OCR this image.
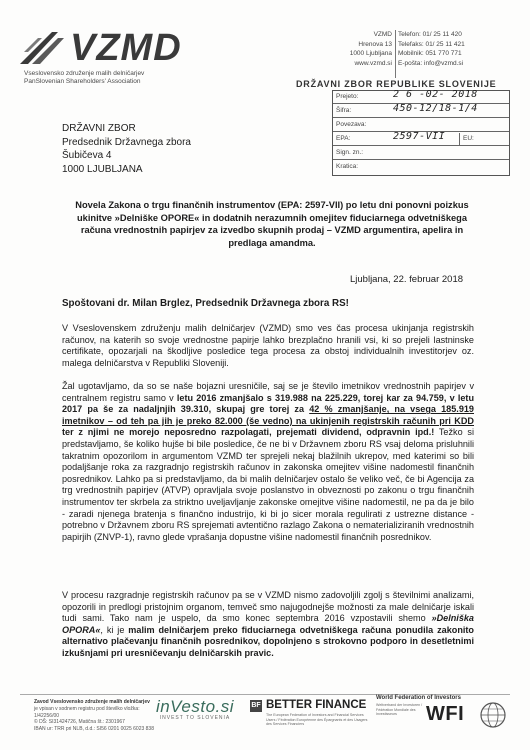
VZMD
Vseslovensko združenje malih delničarjev
PanSlovenian Shareholders' Association
VZMD
Hrenova 13
1000 Ljubljana
www.vzmd.si
Telefon: 01/ 25 11 420
Telefaks: 01/ 25 11 421
Mobilnik: 051 770 771
E-pošta: info@vzmd.si
DRŽAVNI ZBOR REPUBLIKE SLOVENIJE
Prejeto:	2 6 -02- 2018
Šifra:	450-12/18-1/4
Povezava:
EPA:	2597-VII	EU:
Sign. zn.:
Kratica:
DRŽAVNI ZBOR
Predsednik Državnega zbora
Šubičeva 4
1000 LJUBLJANA
Novela Zakona o trgu finančnih instrumentov (EPA: 2597-VII) po letu dni ponovni poizkus ukinitve »Delniške OPORE« in dodatnih nerazumnih omejitev fiduciarnega odvetniškega računa vrednostnih papirjev za izvedbo skupnih prodaj – VZMD argumentira, apelira in predlaga amandma.
Ljubljana, 22. februar 2018
Spoštovani dr. Milan Brglez, Predsednik Državnega zbora RS!
V Vseslovenskem združenju malih delničarjev (VZMD) smo ves čas procesa ukinjanja registrskih računov, na katerih so svoje vrednostne papirje lahko brezplačno hranili vsi, ki so prejeli lastninske certifikate, opozarjali na škodljive posledice tega procesa za obstoj individualnih investitorjev oz. malega delničarstva v Republiki Sloveniji.
Žal ugotavljamo, da so se naše bojazni uresničile, saj se je število imetnikov vrednostnih papirjev v centralnem registru samo v letu 2016 zmanjšalo s 319.988 na 225.229, torej kar za 94.759, v letu 2017 pa še za nadaljnjih 39.310, skupaj gre torej za 42 % zmanjšanje, na vsega 185.919 imetnikov – od teh pa jih je preko 82.000 (še vedno) na ukinjenih registrskih računih pri KDD ter z njimi ne morejo neposredno razpolagati, prejemati dividend, odpravnin ipd.! Težko si predstavljamo, še koliko hujše bi bile posledice, če ne bi v Državnem zboru RS vsaj deloma prisluhnili takratnim opozorilom in argumentom VZMD ter sprejeli nekaj blažilnih ukrepov, med katerimi so bili podaljšanje roka za razgradnjo registrskih računov in zakonska omejitev višine nadomestil finančnih posrednikov. Lahko pa si predstavljamo, da bi malih delničarjev ostalo še veliko več, če bi Agencija za trg vrednostnih papirjev (ATVP) opravljala svoje poslanstvo in obveznosti po zakonu o trgu finančnih instrumentov ter skrbela za striktno uveljavljanje zakonske omejitve višine nadomestil, ne pa da je bilo - zaradi njenega bratenja s finančno industrijo, ki bi jo sicer morala regulirati z ustrezne distance - potrebno v Državnem zboru RS sprejemati avtentično razlago Zakona o nematerializiranih vrednostnih papirjih (ZNVP-1), ravno glede vprašanja dopustne višine nadomestil finančnih posrednikov.
V procesu razgradnje registrskih računov pa se v VZMD nismo zadovoljili zgolj s številnimi analizami, opozorili in predlogi pristojnim organom, temveč smo najugodnejše možnosti za male delničarje iskali tudi sami. Tako nam je uspelo, da smo konec septembra 2016 vzpostavili shemo »Delniška OPORA«, ki je malim delničarjem preko fiduciarnega odvetniškega računa ponudila zakonito alternativo plačevanju finančnih posrednikov, dopolnjeno s strokovno podporo in desetletnimi izkušnjami pri uresničevanju delničarskih pravic.
Zavod Vseslovensko združenje malih delničarjev
je vpisan v sodnem registru pod številko vložka: 1/42256/00
© DŠ: SI31424726, Matična št.: 2301967
IBAN ur: TRR pri NLB, d.d.: SI56 0201 0025 6023 838
inVesto.si
INVEST TO SLOVENIA
BF BETTER FINANCE
The European Federation of Investors and Financial Services Users / Fédération Européenne des Épargnants et des Usagers des Services Financiers
World Federation of Investors
Weltverband der Investoren / Fédération Mondiale des Investisseurs	WFI
